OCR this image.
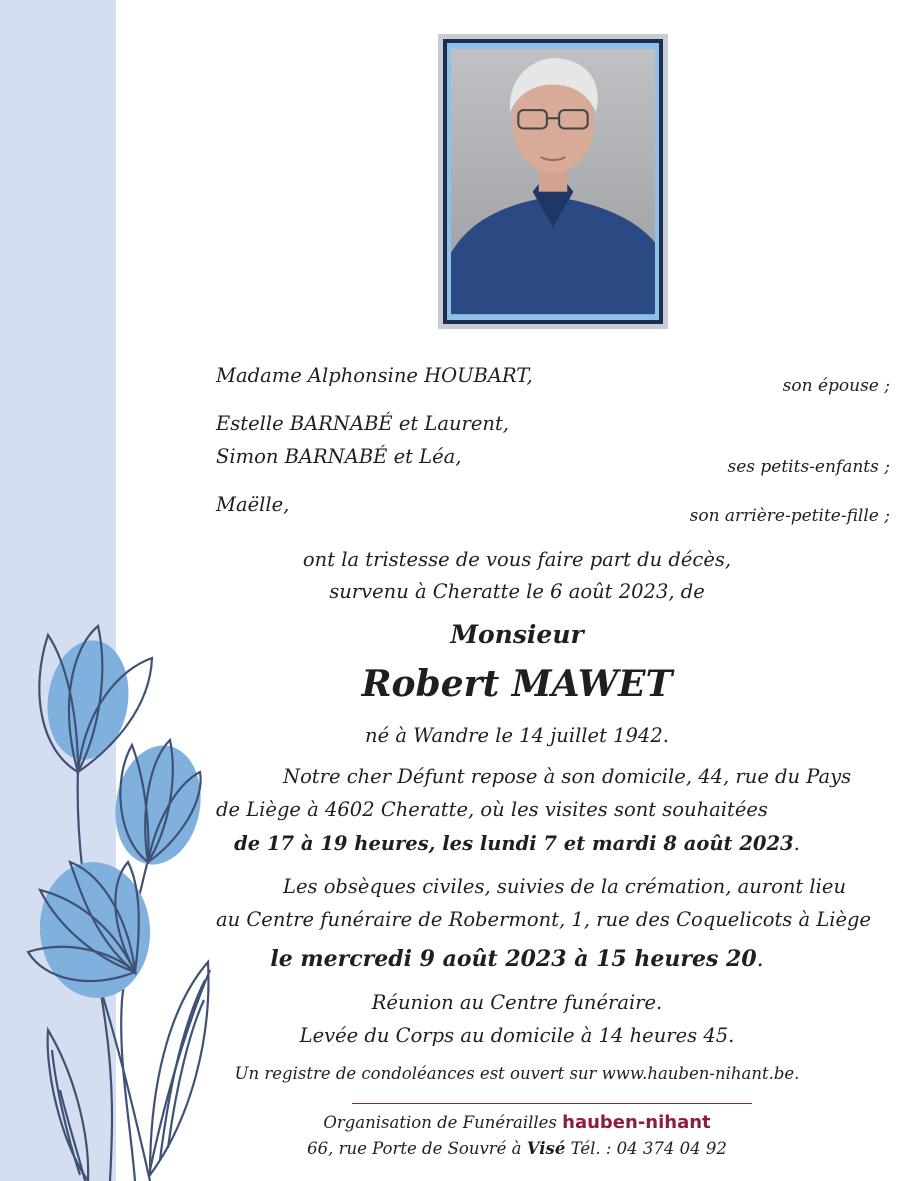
Madame Alphonsine HOUBART,	son épouse ;
Estelle BARNABÉ et Laurent,
Simon BARNABÉ et Léa,	ses petits-enfants ;
Maëlle,	son arrière-petite-fille ;
ont la tristesse de vous faire part du décès,
survenu à Cheratte le 6 août 2023, de
Monsieur
Robert MAWET
né à Wandre le 14 juillet 1942.
Notre cher Défunt repose à son domicile, 44, rue du Pays
de Liège à 4602 Cheratte, où les visites sont souhaitées
de 17 à 19 heures, les lundi 7 et mardi 8 août 2023.
Les obsèques civiles, suivies de la crémation, auront lieu
au Centre funéraire de Robermont, 1, rue des Coquelicots à Liège
le mercredi 9 août 2023 à 15 heures 20.
Réunion au Centre funéraire.
Levée du Corps au domicile à 14 heures 45.
Un registre de condoléances est ouvert sur www.hauben-nihant.be.
Organisation de Funérailles hauben-nihant
66, rue Porte de Souvré à Visé Tél. : 04 374 04 92
